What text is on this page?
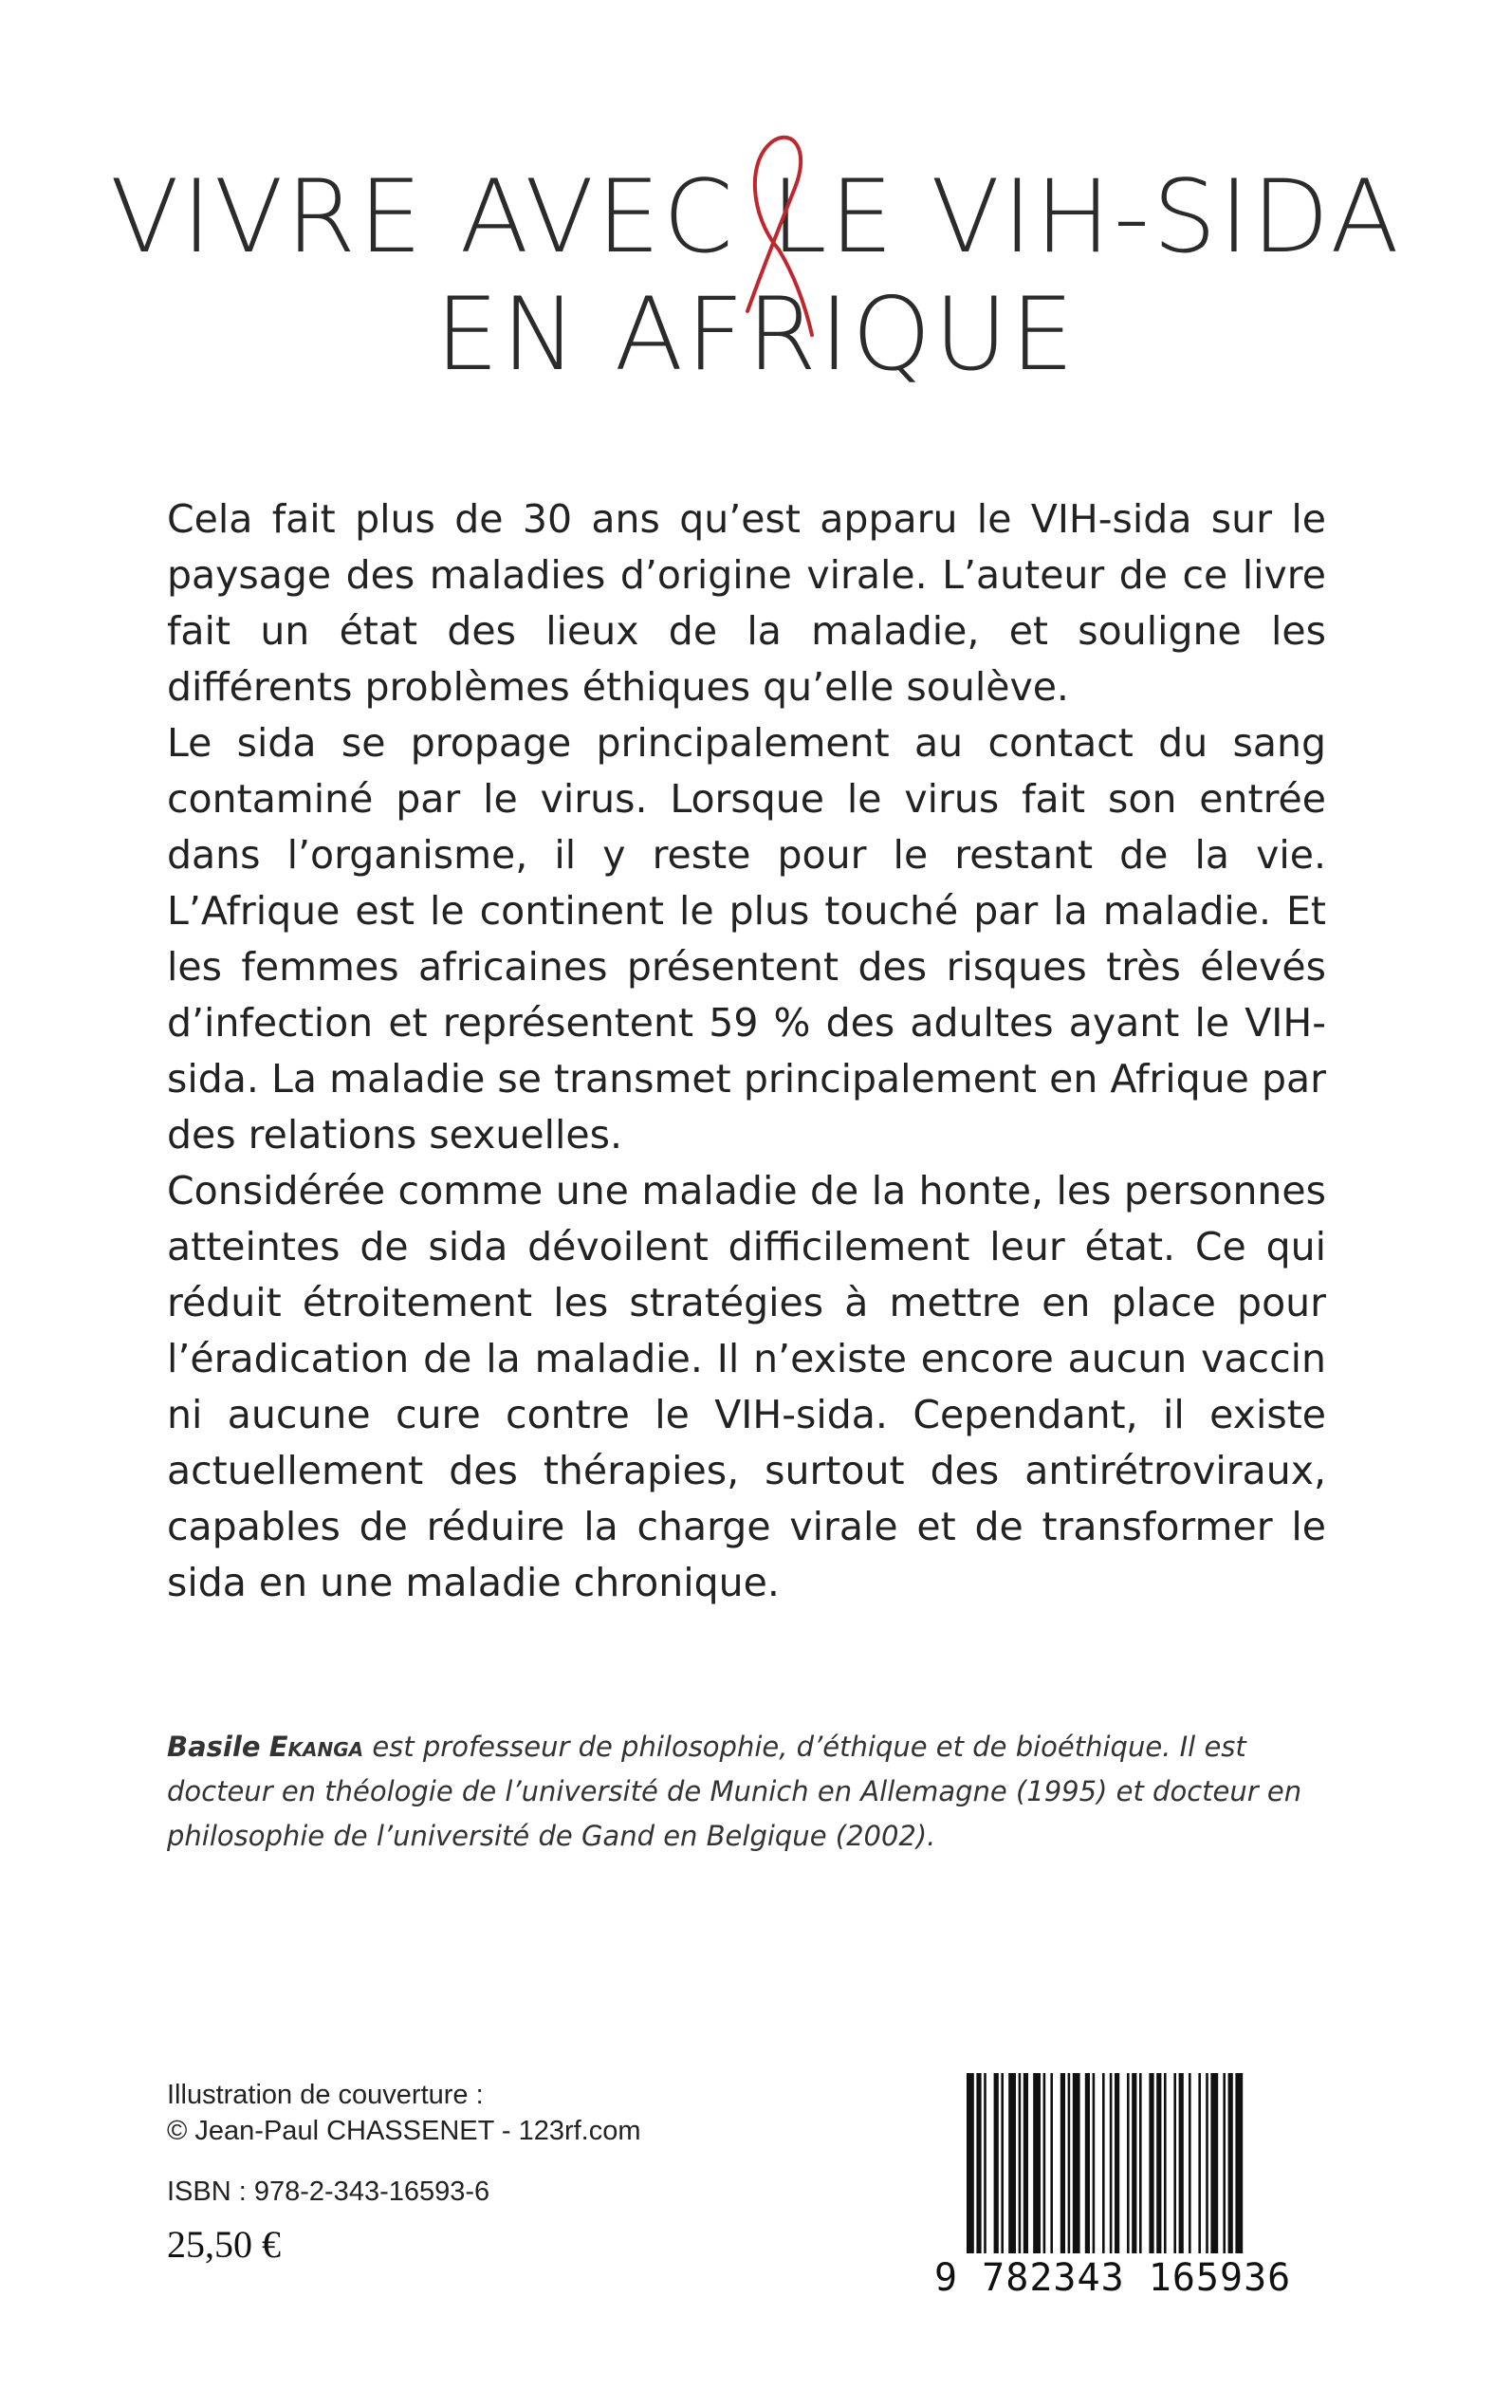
VIVRE AVEC LE VIH-SIDA
EN AFRIQUE

Cela fait plus de 30 ans qu’est apparu le VIH-sida sur le paysage des maladies d’origine virale. L’auteur de ce livre fait un état des lieux de la maladie, et souligne les différents problèmes éthiques qu’elle soulève.

Le sida se propage principalement au contact du sang contaminé par le virus. Lorsque le virus fait son entrée dans l’organisme, il y reste pour le restant de la vie. L’Afrique est le continent le plus touché par la maladie. Et les femmes africaines présentent des risques très élevés d’infection et représentent 59 % des adultes ayant le VIH-sida. La maladie se transmet principalement en Afrique par des relations sexuelles.

Considérée comme une maladie de la honte, les personnes atteintes de sida dévoilent difficilement leur état. Ce qui réduit étroitement les stratégies à mettre en place pour l’éradication de la maladie. Il n’existe encore aucun vaccin ni aucune cure contre le VIH-sida. Cependant, il existe actuellement des thérapies, surtout des antirétroviraux, capables de réduire la charge virale et de transformer le sida en une maladie chronique.

Basile Ekanga est professeur de philosophie, d’éthique et de bioéthique. Il est docteur en théologie de l’université de Munich en Allemagne (1995) et docteur en philosophie de l’université de Gand en Belgique (2002).
Illustration de couverture :
© Jean-Paul CHASSENET - 123rf.com
ISBN : 978-2-343-16593-6
25,50 €
9 782343 165936
